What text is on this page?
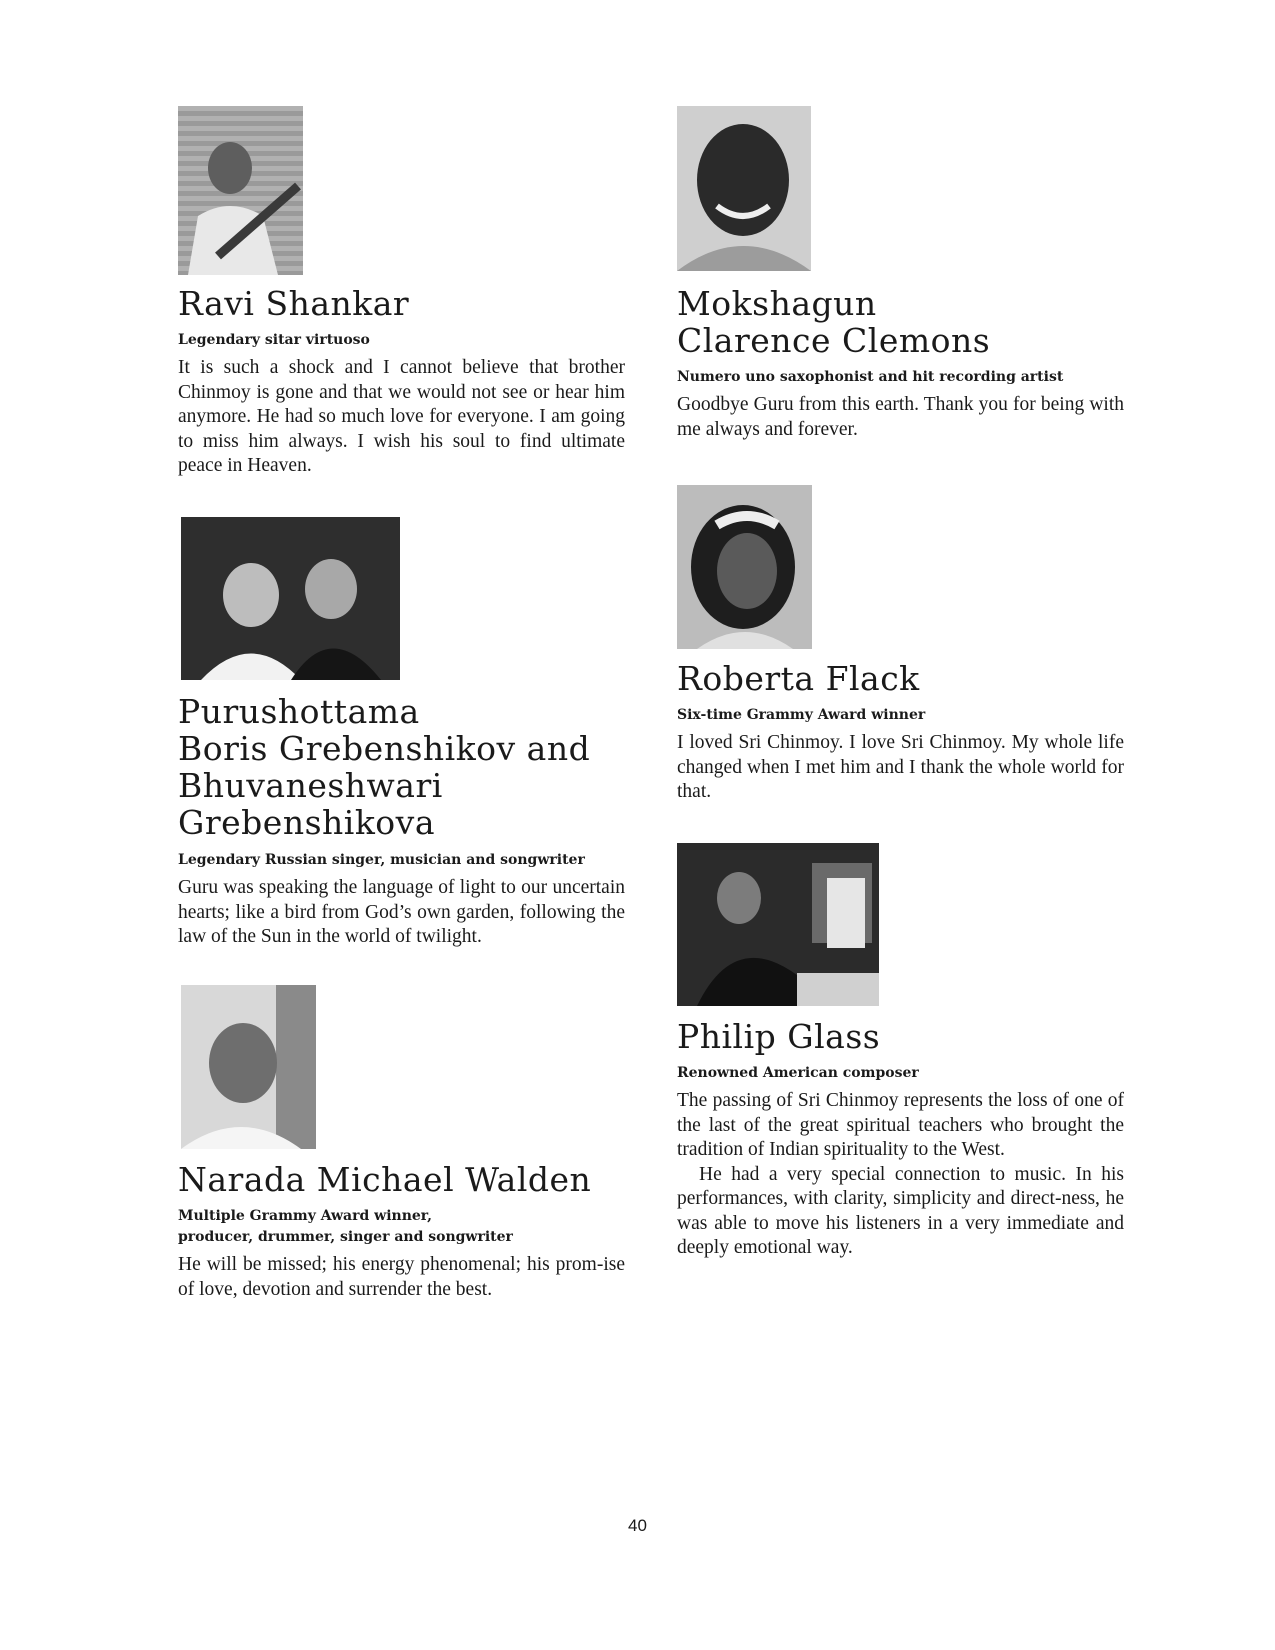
Ravi Shankar
Legendary sitar virtuoso

It is such a shock and I cannot believe that brother Chinmoy is gone and that we would not see or hear him anymore. He had so much love for everyone. I am going to miss him always. I wish his soul to find ultimate peace in Heaven.

Purushottama
Boris Grebenshikov and
Bhuvaneshwari
Grebenshikova
Legendary Russian singer, musician and songwriter

Guru was speaking the language of light to our uncertain hearts; like a bird from God’s own garden, following the law of the Sun in the world of twilight.

Narada Michael Walden
Multiple Grammy Award winner,
producer, drummer, singer and songwriter

He will be missed; his energy phenomenal; his prom-ise of love, devotion and surrender the best.

Mokshagun
Clarence Clemons
Numero uno saxophonist and hit recording artist

Goodbye Guru from this earth. Thank you for being with me always and forever.

Roberta Flack
Six-time Grammy Award winner

I loved Sri Chinmoy. I love Sri Chinmoy. My whole life changed when I met him and I thank the whole world for that.

Philip Glass
Renowned American composer

The passing of Sri Chinmoy represents the loss of one of the last of the great spiritual teachers who brought the tradition of Indian spirituality to the West.

He had a very special connection to music. In his performances, with clarity, simplicity and direct-ness, he was able to move his listeners in a very immediate and deeply emotional way.

40
